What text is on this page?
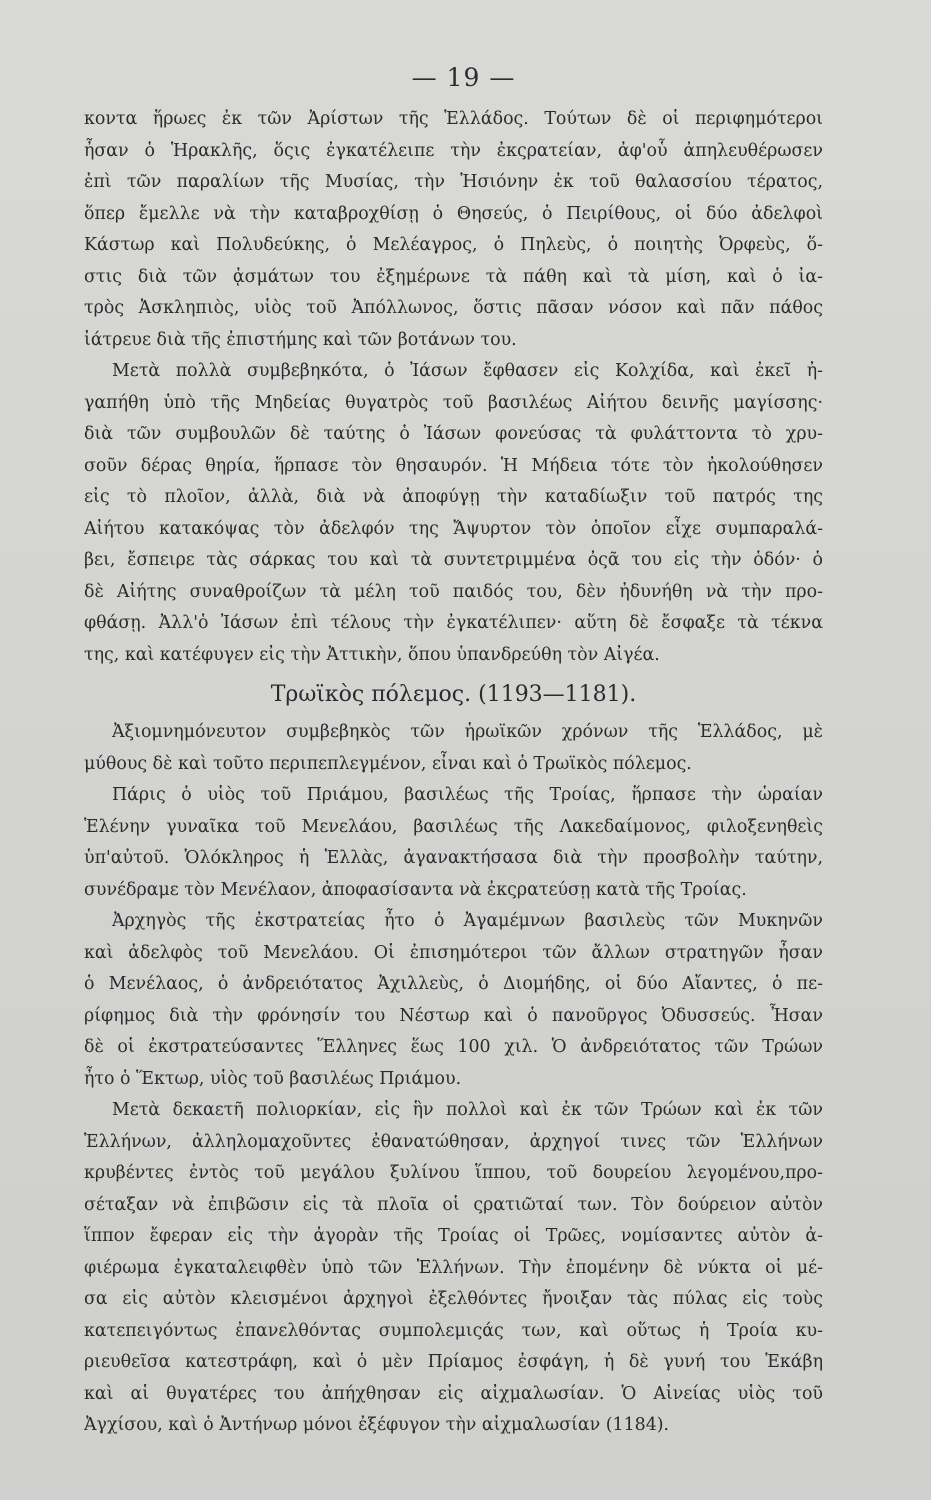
— 19 —

κοντα ἥρωες ἐκ τῶν Ἀρίστων τῆς Ἑλλάδος. Τούτων δὲ οἱ περιφημότεροι

ἦσαν ὁ Ἡρακλῆς, ὅςις ἐγκατέλειπε τὴν ἐκςρατείαν, ἀφ'οὗ ἀπηλευθέρωσεν

ἐπὶ τῶν παραλίων τῆς Μυσίας, τὴν Ἡσιόνην ἐκ τοῦ θαλασσίου τέρατος,

ὅπερ ἔμελλε νὰ τὴν καταβροχθίσῃ ὁ Θησεύς, ὁ Πειρίθους, οἱ δύο ἀδελφοὶ

Κάστωρ καὶ Πολυδεύκης, ὁ Μελέαγρος, ὁ Πηλεὺς, ὁ ποιητὴς Ὀρφεὺς, ὅ-

στις διὰ τῶν ᾀσμάτων του ἐξημέρωνε τὰ πάθη καὶ τὰ μίση, καὶ ὁ ἰα-

τρὸς Ἀσκληπιὸς, υἱὸς τοῦ Ἀπόλλωνος, ὅστις πᾶσαν νόσον καὶ πᾶν πάθος

ἰάτρευε διὰ τῆς ἐπιστήμης καὶ τῶν βοτάνων του.

Μετὰ πολλὰ συμβεβηκότα, ὁ Ἰάσων ἔφθασεν εἰς Κολχίδα, καὶ ἐκεῖ ἠ-

γαπήθη ὑπὸ τῆς Μηδείας θυγατρὸς τοῦ βασιλέως Αἰήτου δεινῆς μαγίσσης·

διὰ τῶν συμβουλῶν δὲ ταύτης ὁ Ἰάσων φονεύσας τὰ φυλάττοντα τὸ χρυ-

σοῦν δέρας θηρία, ἥρπασε τὸν θησαυρόν. Ἡ Μήδεια τότε τὸν ἠκολούθησεν

εἰς τὸ πλοῖον, ἀλλὰ, διὰ νὰ ἀποφύγῃ τὴν καταδίωξιν τοῦ πατρός της

Αἰήτου κατακόψας τὸν ἀδελφόν της Ἄψυρτον τὸν ὁποῖον εἶχε συμπαραλά-

βει, ἔσπειρε τὰς σάρκας του καὶ τὰ συντετριμμένα ὀςᾶ του εἰς τὴν ὁδόν· ὁ

δὲ Αἰήτης συναθροίζων τὰ μέλη τοῦ παιδός του, δὲν ἠδυνήθη νὰ τὴν προ-

φθάσῃ. Ἀλλ'ὁ Ἰάσων ἐπὶ τέλους τὴν ἐγκατέλιπεν· αὕτη δὲ ἔσφαξε τὰ τέκνα

της, καὶ κατέφυγεν εἰς τὴν Ἀττικὴν, ὅπου ὑπανδρεύθη τὸν Αἰγέα.

Τρωϊκὸς πόλεμος. (1193—1181).

Ἀξιομνημόνευτον συμβεβηκὸς τῶν ἡρωϊκῶν χρόνων τῆς Ἑλλάδος, μὲ

μύθους δὲ καὶ τοῦτο περιπεπλεγμένον, εἶναι καὶ ὁ Τρωϊκὸς πόλεμος.

Πάρις ὁ υἱὸς τοῦ Πριάμου, βασιλέως τῆς Τροίας, ἥρπασε τὴν ὡραίαν

Ἑλένην γυναῖκα τοῦ Μενελάου, βασιλέως τῆς Λακεδαίμονος, φιλοξενηθεὶς

ὑπ'αὐτοῦ. Ὁλόκληρος ἡ Ἑλλὰς, ἀγανακτήσασα διὰ τὴν προσβολὴν ταύτην,

συνέδραμε τὸν Μενέλαον, ἀποφασίσαντα νὰ ἐκςρατεύσῃ κατὰ τῆς Τροίας.

Ἀρχηγὸς τῆς ἐκστρατείας ἦτο ὁ Ἀγαμέμνων βασιλεὺς τῶν Μυκηνῶν

καὶ ἀδελφὸς τοῦ Μενελάου. Οἱ ἐπισημότεροι τῶν ἄλλων στρατηγῶν ἦσαν

ὁ Μενέλαος, ὁ ἀνδρειότατος Ἀχιλλεὺς, ὁ Διομήδης, οἱ δύο Αἴαντες, ὁ πε-

ρίφημος διὰ τὴν φρόνησίν του Νέστωρ καὶ ὁ πανοῦργος Ὀδυσσεύς. Ἦσαν

δὲ οἱ ἐκστρατεύσαντες Ἕλληνες ἕως 100 χιλ. Ὁ ἀνδρειότατος τῶν Τρώων

ἦτο ὁ Ἕκτωρ, υἱὸς τοῦ βασιλέως Πριάμου.

Μετὰ δεκαετῆ πολιορκίαν, εἰς ἣν πολλοὶ καὶ ἐκ τῶν Τρώων καὶ ἐκ τῶν

Ἑλλήνων, ἀλληλομαχοῦντες ἐθανατώθησαν, ἀρχηγοί τινες τῶν Ἑλλήνων

κρυβέντες ἐντὸς τοῦ μεγάλου ξυλίνου ἵππου, τοῦ δουρείου λεγομένου,προ-

σέταξαν νὰ ἐπιβῶσιν εἰς τὰ πλοῖα οἱ ςρατιῶταί των. Τὸν δούρειον αὐτὸν

ἵππον ἔφεραν εἰς τὴν ἀγορὰν τῆς Τροίας οἱ Τρῶες, νομίσαντες αὐτὸν ἀ-

φιέρωμα ἐγκαταλειφθὲν ὑπὸ τῶν Ἑλλήνων. Τὴν ἐπομένην δὲ νύκτα οἱ μέ-

σα εἰς αὐτὸν κλεισμένοι ἀρχηγοὶ ἐξελθόντες ἤνοιξαν τὰς πύλας εἰς τοὺς

κατεπειγόντως ἐπανελθόντας συμπολεμιςάς των, καὶ οὕτως ἡ Τροία κυ-

ριευθεῖσα κατεστράφη, καὶ ὁ μὲν Πρίαμος ἐσφάγη, ἡ δὲ γυνή του Ἑκάβη

καὶ αἱ θυγατέρες του ἀπήχθησαν εἰς αἰχμαλωσίαν. Ὁ Αἰνείας υἱὸς τοῦ

Ἀγχίσου, καὶ ὁ Ἀντήνωρ μόνοι ἐξέφυγον τὴν αἰχμαλωσίαν (1184).
